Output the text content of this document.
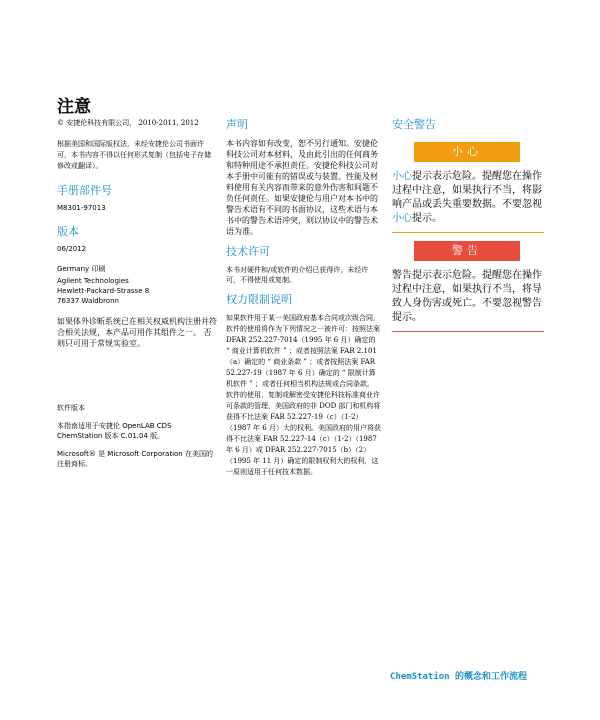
注意

© 安捷伦科技有限公司， 2010-2011, 2012

根据美国和国际版权法，未经安捷伦公司书面许可，本书内容不得以任何形式复制（包括电子存储修改或翻译）。

手册部件号

M8301-97013

版本

06/2012

Germany 印刷

Agilent Technologies

Hewlett-Packard-Strasse 8

76337 Waldbronn

如果体外诊断系统已在相关权威机构注册并符合相关法规，本产品可用作其组件之一。 否则只可用于常规实验室。

软件版本

本指南适用于安捷伦 OpenLAB CDS ChemStation 版本 C.01.04 版。

Microsoft® 是 Microsoft Corporation 在美国的注册商标。

声明

本书内容如有改变，恕不另行通知。安捷伦科技公司对本材料，及由此引出的任何商务和特种用途不承担责任。安捷伦科技公司对本手册中可能有的错误或与装置、性能及材料使用有关内容而带来的意外伤害和间题不负任何责任。如果安捷伦与用户对本书中的警告术语有不同的书面协议，这些术语与本书中的警告术语冲突，则以协议中的警告术语为准。

技术许可

本书对硬件和/或软件的介绍已获得许，未经许可，不得使用或复制。

权力限制说明

如果软件用于某一美国政府基本合同或次级合同，软件的使用将作为下列情况之一被许可：按照法案 DFAR 252.227-7014（1995 年 6 月）确定的 “ 商业计算机软件 ” ；或者按照法案 FAR 2.101（a）确定的 “ 商业条款 ” ；或者按照法案 FAR 52.227-19（1987 年 6 月）确定的 “ 限制计算机软件 ” ；或者任何相当机构法规或合同条款。软件的使用，复制或解密受安捷伦科技标准商业许可条款的管理，美国政府的非 DOD 部门和机构将获得不比法案 FAR 52.227-19（c）（1-2）（1987 年 6 月）大的权利。美国政府的用户将获得不比法案 FAR 52.227-14（c）（1-2）（1987 年 6 月）或 DFAR 252.227-7015（b）（2）（1995 年 11 月）确定的限制权利大的权利，这一原则适用于任何技术数据。

安全警告
小心

小心提示表示危险。提醒您在操作过程中注意，如果执行不当，将影响产品或丢失重要数据。不要忽视小心提示。

警告

警告提示表示危险。提醒您在操作过程中注意，如果执行不当，将导致人身伤害或死亡。不要忽视警告提示。

ChemStation 的概念和工作流程
